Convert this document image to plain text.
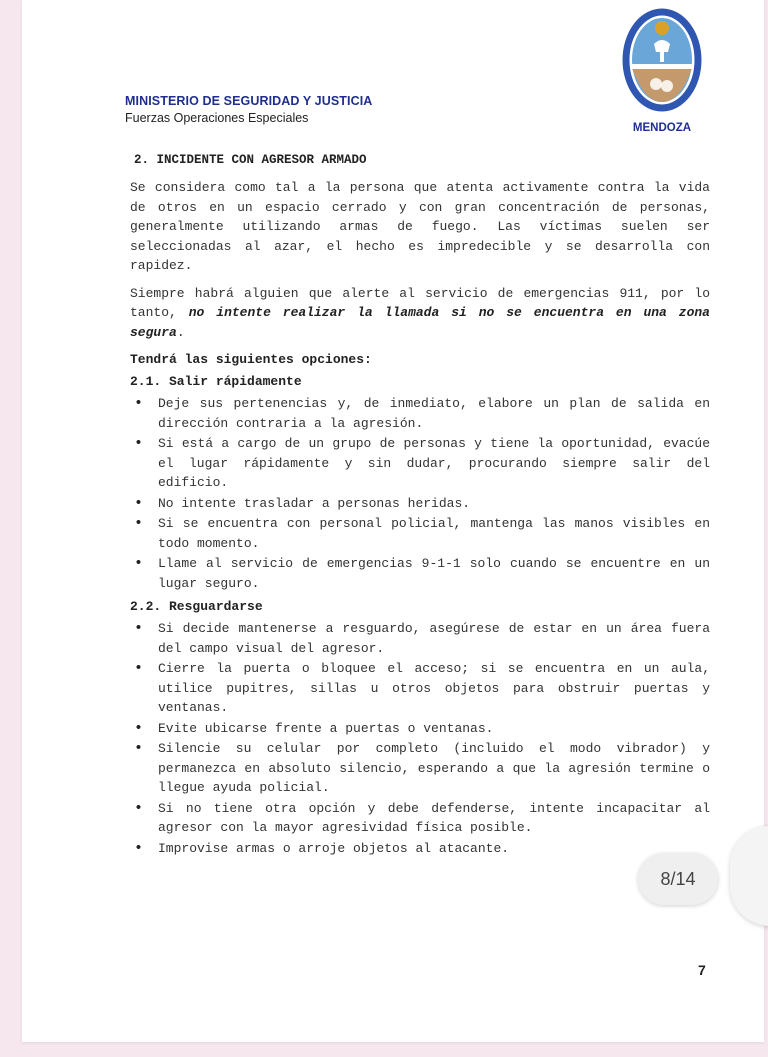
MINISTERIO DE SEGURIDAD Y JUSTICIA
Fuerzas Operaciones Especiales
MENDOZA
2. INCIDENTE CON AGRESOR ARMADO

Se considera como tal a la persona que atenta activamente contra la vida de otros en un espacio cerrado y con gran concentración de personas, generalmente utilizando armas de fuego. Las víctimas suelen ser seleccionadas al azar, el hecho es impredecible y se desarrolla con rapidez.

Siempre habrá alguien que alerte al servicio de emergencias 911, por lo tanto, no intente realizar la llamada si no se encuentra en una zona segura.

Tendrá las siguientes opciones:
2.1. Salir rápidamente
• Deje sus pertenencias y, de inmediato, elabore un plan de salida en dirección contraria a la agresión.
• Si está a cargo de un grupo de personas y tiene la oportunidad, evacúe el lugar rápidamente y sin dudar, procurando siempre salir del edificio.
• No intente trasladar a personas heridas.
• Si se encuentra con personal policial, mantenga las manos visibles en todo momento.
• Llame al servicio de emergencias 9-1-1 solo cuando se encuentre en un lugar seguro.
2.2. Resguardarse
• Si decide mantenerse a resguardo, asegúrese de estar en un área fuera del campo visual del agresor.
• Cierre la puerta o bloquee el acceso; si se encuentra en un aula, utilice pupitres, sillas u otros objetos para obstruir puertas y ventanas.
• Evite ubicarse frente a puertas o ventanas.
• Silencie su celular por completo (incluido el modo vibrador) y permanezca en absoluto silencio, esperando a que la agresión termine o llegue ayuda policial.
• Si no tiene otra opción y debe defenderse, intente incapacitar al agresor con la mayor agresividad física posible.
• Improvise armas o arroje objetos al atacante.
7
8/14
